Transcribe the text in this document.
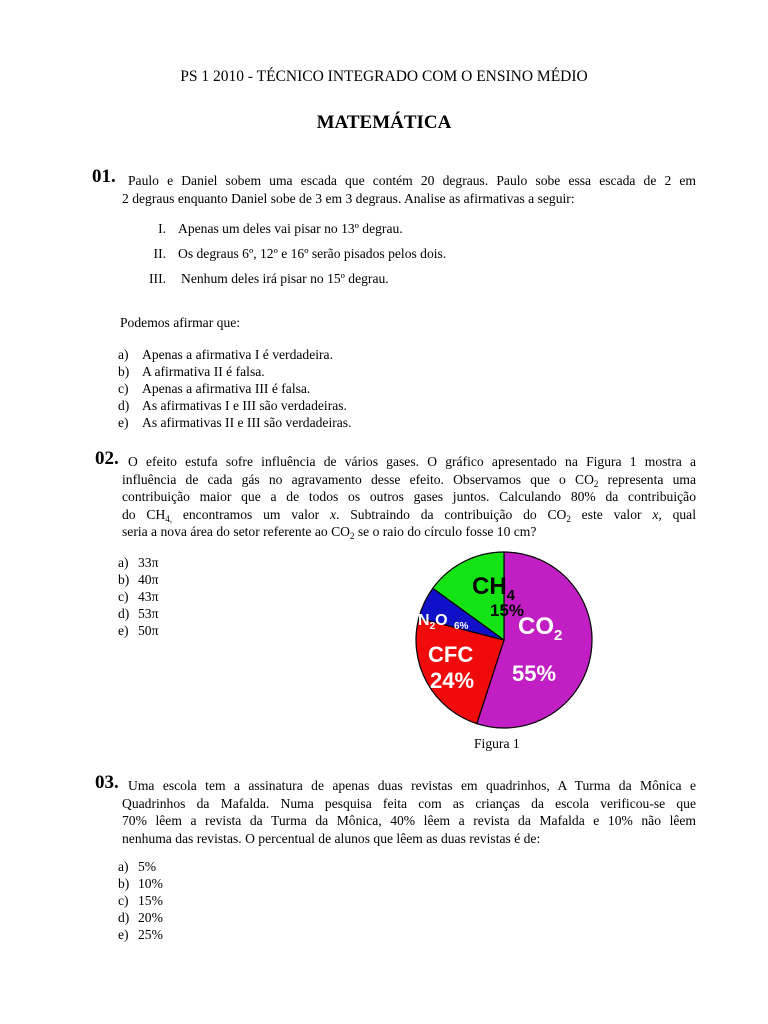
PS 1 2010 - TÉCNICO INTEGRADO COM O ENSINO MÉDIO
MATEMÁTICA
01. Paulo e Daniel sobem uma escada que contém 20 degraus. Paulo sobe essa escada de 2 em
2 degraus enquanto Daniel sobe de 3 em 3 degraus. Analise as afirmativas a seguir:
I. Apenas um deles vai pisar no 13º degrau.
II. Os degraus 6º, 12º e 16º serão pisados pelos dois.
III. Nenhum deles irá pisar no 15º degrau.
Podemos afirmar que:
a) Apenas a afirmativa I é verdadeira.
b) A afirmativa II é falsa.
c) Apenas a afirmativa III é falsa.
d) As afirmativas I e III são verdadeiras.
e) As afirmativas II e III são verdadeiras.
02. O efeito estufa sofre influência de vários gases. O gráfico apresentado na Figura 1 mostra a
influência de cada gás no agravamento desse efeito. Observamos que o $CO_2$ representa uma
contribuição maior que a de todos os outros gases juntos. Calculando 80% da contribuição
do $CH_{4,}$ encontramos um valor x. Subtraindo da contribuição do $CO_2$ este valor x, qual
seria a nova área do setor referente ao $CO_2$ se o raio do círculo fosse 10 cm?
a) 33π
b) 40π
c) 43π
d) 53π
e) 50π
$CH_4$
15%
$N_2O$ 6% $CO_2$
55%
CFC
24%
Figura 1
03. Uma escola tem a assinatura de apenas duas revistas em quadrinhos, A Turma da Mônica e
Quadrinhos da Mafalda. Numa pesquisa feita com as crianças da escola verificou-se que
70% lêem a revista da Turma da Mônica, 40% lêem a revista da Mafalda e 10% não lêem
nenhuma das revistas. O percentual de alunos que lêem as duas revistas é de:
a) 5%
b) 10%
c) 15%
d) 20%
e) 25%
